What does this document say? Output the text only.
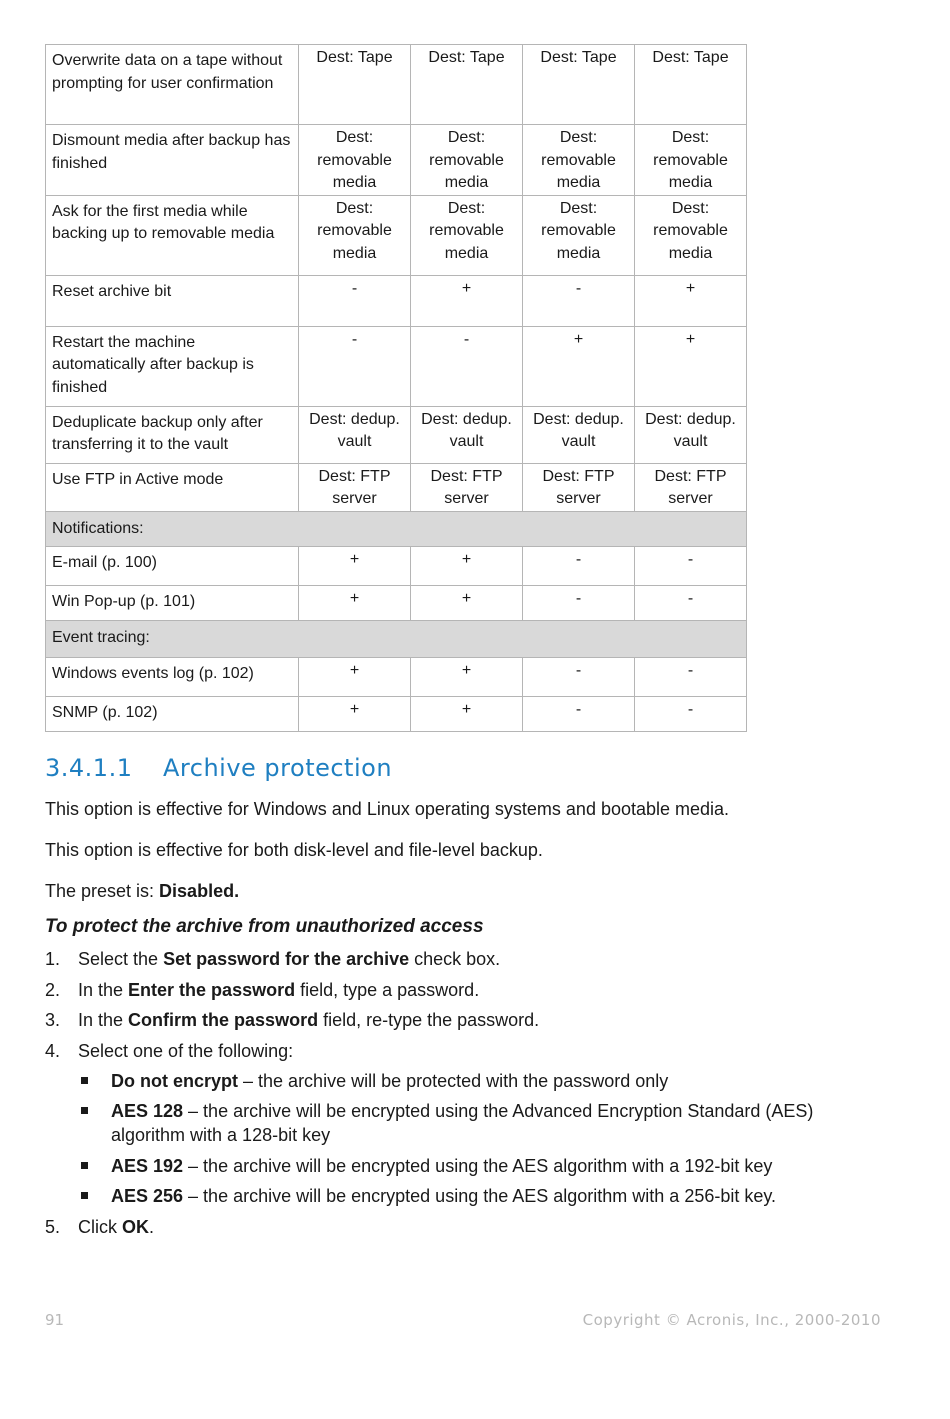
Overwrite data on a tape without prompting for user confirmation	Dest: Tape	Dest: Tape	Dest: Tape	Dest: Tape
Dismount media after backup has finished	Dest: removable media	Dest: removable media	Dest: removable media	Dest: removable media
Ask for the first media while backing up to removable media	Dest: removable media	Dest: removable media	Dest: removable media	Dest: removable media
Reset archive bit	-	+	-	+
Restart the machine automatically after backup is finished	-	-	+	+
Deduplicate backup only after transferring it to the vault	Dest: dedup. vault	Dest: dedup. vault	Dest: dedup. vault	Dest: dedup. vault
Use FTP in Active mode	Dest: FTP server	Dest: FTP server	Dest: FTP server	Dest: FTP server
Notifications:				
E-mail (p. 100)	+	+	-	-
Win Pop-up (p. 101)	+	+	-	-
Event tracing:				
Windows events log (p. 102)	+	+	-	-
SNMP (p. 102)	+	+	-	-
3.4.1.1 Archive protection

This option is effective for Windows and Linux operating systems and bootable media.

This option is effective for both disk-level and file-level backup.

The preset is: Disabled.

To protect the archive from unauthorized access

1. Select the Set password for the archive check box.
2. In the Enter the password field, type a password.
3. In the Confirm the password field, re-type the password.
4. Select one of the following:
Do not encrypt – the archive will be protected with the password only
AES 128 – the archive will be encrypted using the Advanced Encryption Standard (AES) algorithm with a 128-bit key
AES 192 – the archive will be encrypted using the AES algorithm with a 192-bit key
AES 256 – the archive will be encrypted using the AES algorithm with a 256-bit key.
5. Click OK.
91	Copyright © Acronis, Inc., 2000-2010
